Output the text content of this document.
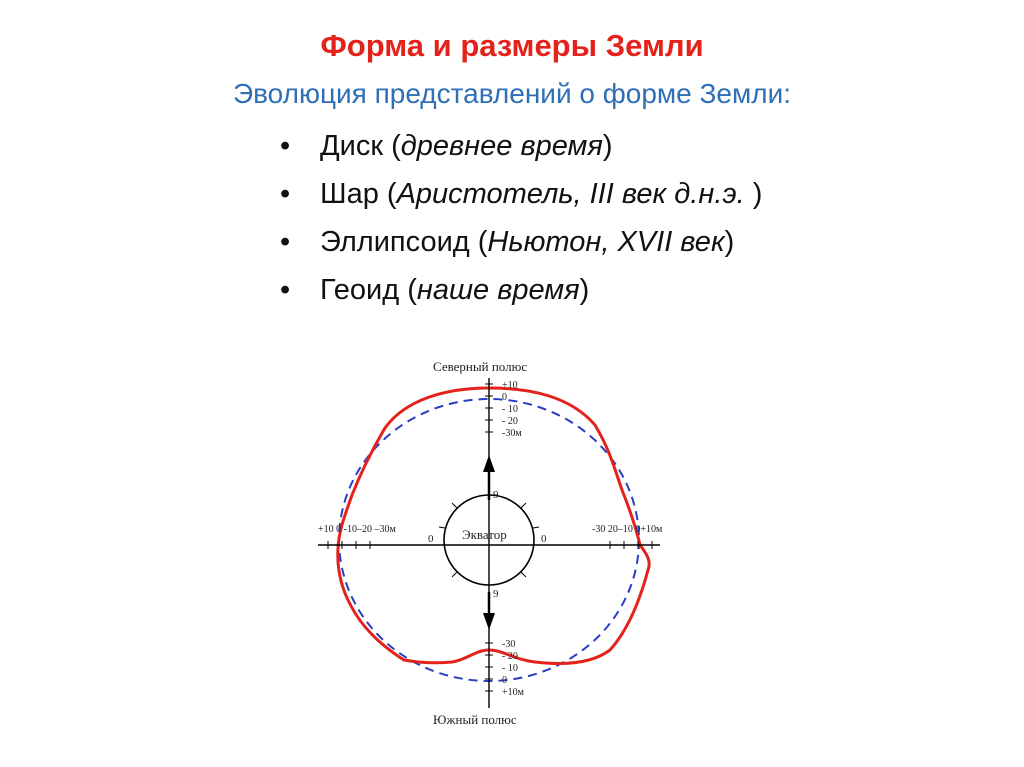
Форма и размеры Земли

Эволюция представлений о форме Земли:

• Диск (древнее время)
• Шар (Аристотель, III век д.н.э. )
• Эллипсоид (Ньютон, XVII век)
• Геоид (наше время)
Северный полюс
Южный полюс
Экватор
+10
0
- 10
- 20
-30м
-30
- 20
- 10
0
+10м
+10 0 -10–20 –30м	-30 20–10 0+10м
9
9
0	0
